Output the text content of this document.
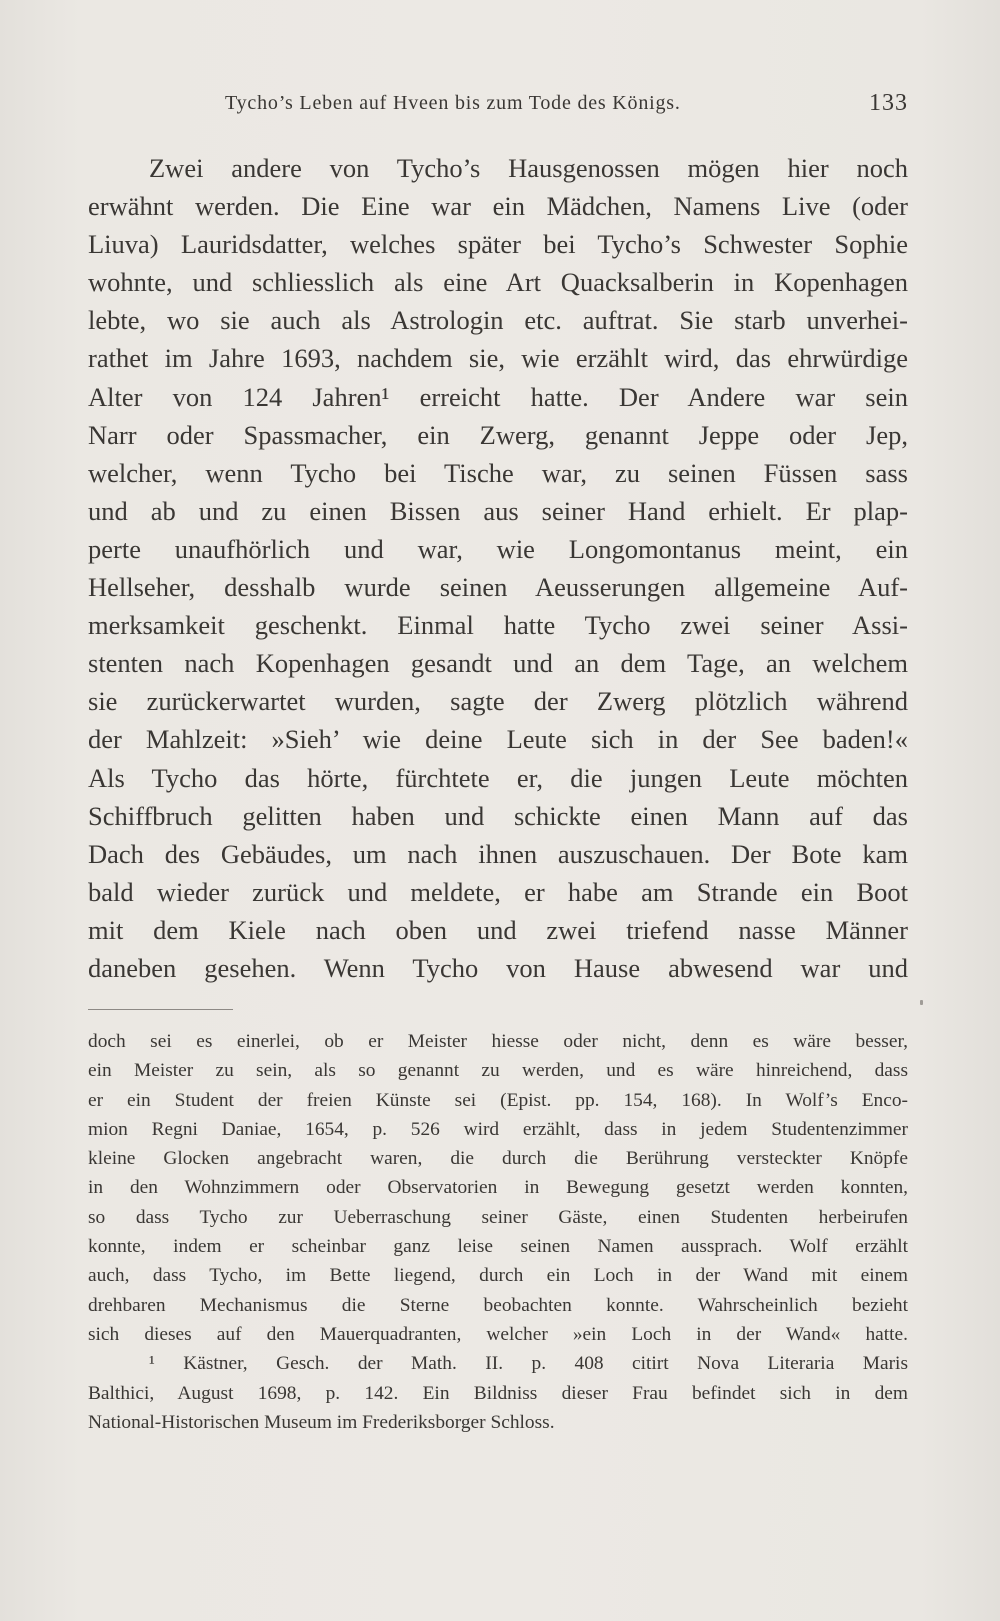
Tycho’s Leben auf Hveen bis zum Tode des Königs.	133
Zwei andere von Tycho’s Hausgenossen mögen hier noch
erwähnt werden. Die Eine war ein Mädchen, Namens Live (oder
Liuva) Lauridsdatter, welches später bei Tycho’s Schwester Sophie
wohnte, und schliesslich als eine Art Quacksalberin in Kopenhagen
lebte, wo sie auch als Astrologin etc. auftrat. Sie starb unverhei-
rathet im Jahre 1693, nachdem sie, wie erzählt wird, das ehrwürdige
Alter von 124 Jahren¹ erreicht hatte. Der Andere war sein
Narr oder Spassmacher, ein Zwerg, genannt Jeppe oder Jep,
welcher, wenn Tycho bei Tische war, zu seinen Füssen sass
und ab und zu einen Bissen aus seiner Hand erhielt. Er plap-
perte unaufhörlich und war, wie Longomontanus meint, ein
Hellseher, desshalb wurde seinen Aeusserungen allgemeine Auf-
merksamkeit geschenkt. Einmal hatte Tycho zwei seiner Assi-
stenten nach Kopenhagen gesandt und an dem Tage, an welchem
sie zurückerwartet wurden, sagte der Zwerg plötzlich während
der Mahlzeit: »Sieh’ wie deine Leute sich in der See baden!«
Als Tycho das hörte, fürchtete er, die jungen Leute möchten
Schiffbruch gelitten haben und schickte einen Mann auf das
Dach des Gebäudes, um nach ihnen auszuschauen. Der Bote kam
bald wieder zurück und meldete, er habe am Strande ein Boot
mit dem Kiele nach oben und zwei triefend nasse Männer
daneben gesehen. Wenn Tycho von Hause abwesend war und
doch sei es einerlei, ob er Meister hiesse oder nicht, denn es wäre besser,
ein Meister zu sein, als so genannt zu werden, und es wäre hinreichend, dass
er ein Student der freien Künste sei (Epist. pp. 154, 168). In Wolf’s Enco-
mion Regni Daniae, 1654, p. 526 wird erzählt, dass in jedem Studentenzimmer
kleine Glocken angebracht waren, die durch die Berührung versteckter Knöpfe
in den Wohnzimmern oder Observatorien in Bewegung gesetzt werden konnten,
so dass Tycho zur Ueberraschung seiner Gäste, einen Studenten herbeirufen
konnte, indem er scheinbar ganz leise seinen Namen aussprach. Wolf erzählt
auch, dass Tycho, im Bette liegend, durch ein Loch in der Wand mit einem
drehbaren Mechanismus die Sterne beobachten konnte. Wahrscheinlich bezieht
sich dieses auf den Mauerquadranten, welcher »ein Loch in der Wand« hatte.
¹ Kästner, Gesch. der Math. II. p. 408 citirt Nova Literaria Maris
Balthici, August 1698, p. 142. Ein Bildniss dieser Frau befindet sich in dem
National-Historischen Museum im Frederiksborger Schloss.
